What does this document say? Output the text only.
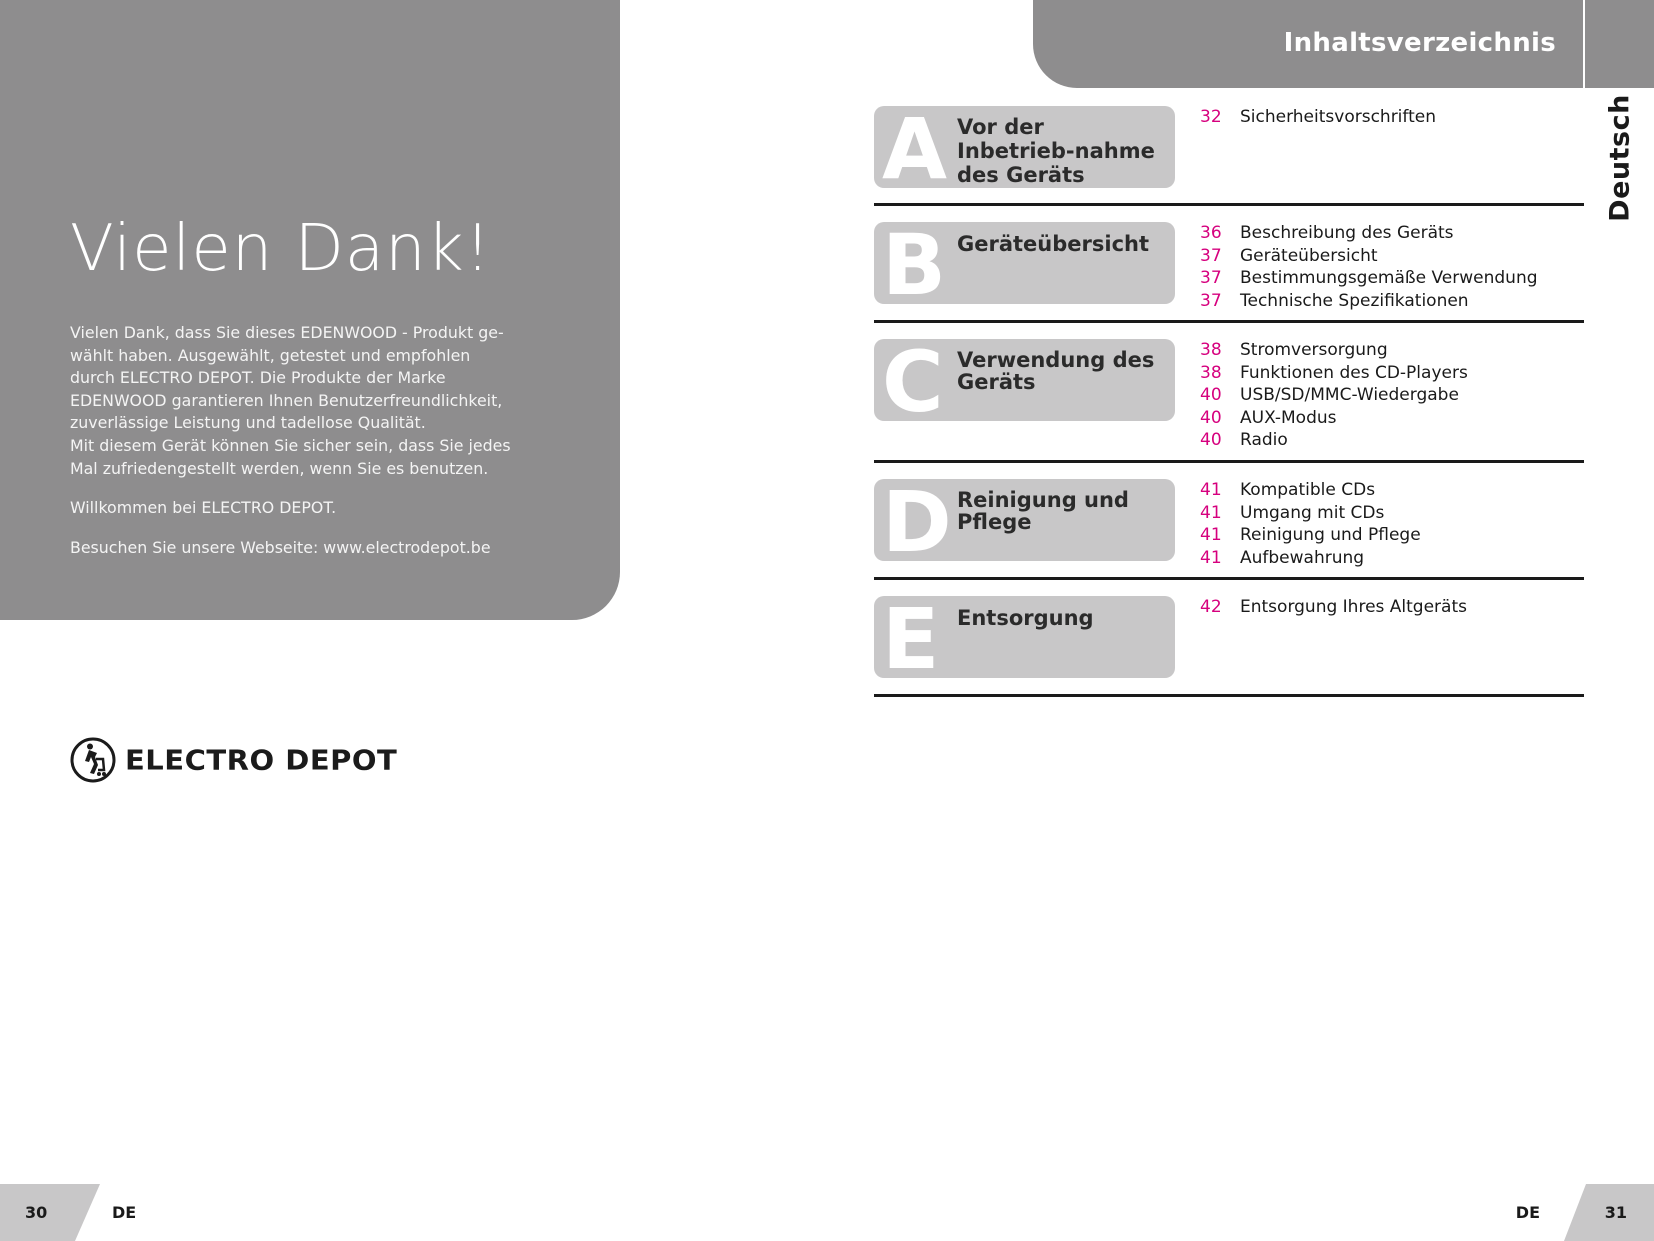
Vielen Dank!

Vielen Dank, dass Sie dieses EDENWOOD - Produkt ge-wählt haben. Ausgewählt, getestet und empfohlen durch ELECTRO DEPOT. Die Produkte der Marke EDENWOOD garantieren Ihnen Benutzerfreundlichkeit, zuverlässige Leistung und tadellose Qualität.
Mit diesem Gerät können Sie sicher sein, dass Sie jedes Mal zufriedengestellt werden, wenn Sie es benutzen.

Willkommen bei ELECTRO DEPOT.

Besuchen Sie unsere Webseite: www.electrodepot.be

ELECTRO DEPOT
30	DE
Inhaltsverzeichnis
Deutsch
A Vor der Inbetrieb-nahme des Geräts
32	Sicherheitsvorschriften
B Geräteübersicht	36	Beschreibung des Geräts
37	Geräteübersicht
37	Bestimmungsgemäße Verwendung
37	Technische Spezifikationen
C Verwendung des Geräts
38	Stromversorgung
38	Funktionen des CD-Players
40	USB/SD/MMC-Wiedergabe
40	AUX-Modus
40	Radio
D Reinigung und Pflege
41	Kompatible CDs
41	Umgang mit CDs
41	Reinigung und Pflege
41	Aufbewahrung
E Entsorgung	42	Entsorgung Ihres Altgeräts
DE	31
